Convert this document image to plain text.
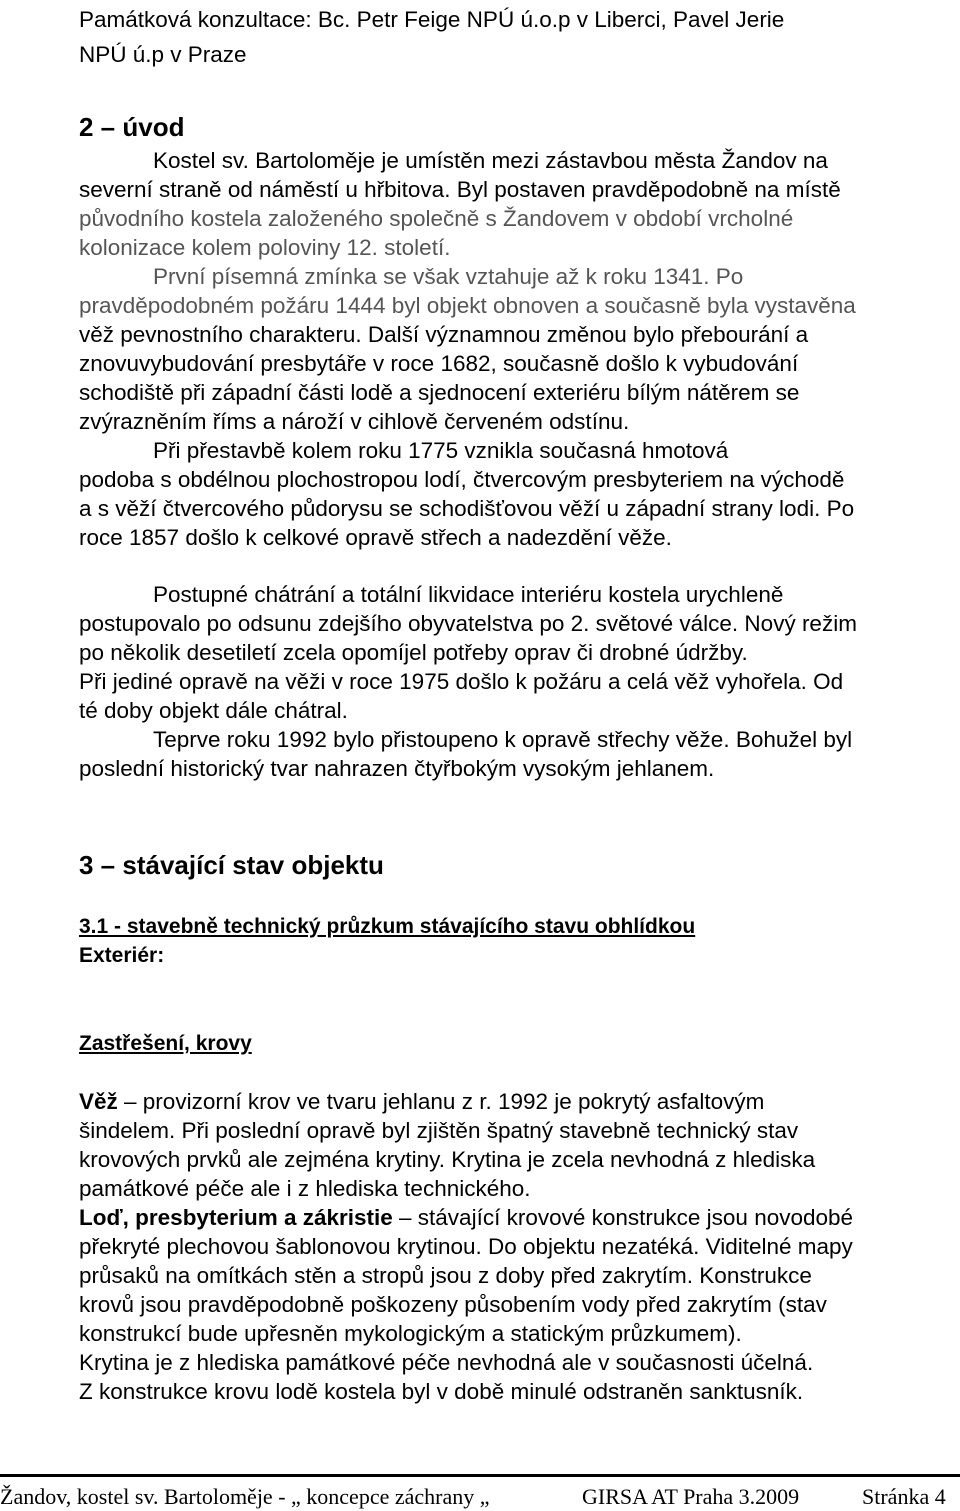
Památková konzultace: Bc. Petr Feige NPÚ ú.o.p v Liberci, Pavel Jerie
NPÚ ú.p v Praze
2 – úvod
Kostel sv. Bartoloměje je umístěn mezi zástavbou města Žandov na
severní straně od náměstí u hřbitova. Byl postaven pravděpodobně na místě
původního kostela založeného společně s Žandovem v období vrcholné
kolonizace kolem poloviny 12. století.
První písemná zmínka se však vztahuje až k roku 1341. Po
pravděpodobném požáru 1444 byl objekt obnoven a současně byla vystavěna
věž pevnostního charakteru. Další významnou změnou bylo přebourání a
znovuvybudování presbytáře v roce 1682, současně došlo k vybudování
schodiště při západní části lodě a sjednocení exteriéru bílým nátěrem se
zvýrazněním říms a nároží v cihlově červeném odstínu.
Při přestavbě kolem roku 1775 vznikla současná hmotová
podoba s obdélnou plochostropou lodí, čtvercovým presbyteriem na východě
a s věží čtvercového půdorysu se schodišťovou věží u západní strany lodi. Po
roce 1857 došlo k celkové opravě střech a nadezdění věže.
Postupné chátrání a totální likvidace interiéru kostela urychleně
postupovalo po odsunu zdejšího obyvatelstva po 2. světové válce. Nový režim
po několik desetiletí zcela opomíjel potřeby oprav či drobné údržby.
Při jediné opravě na věži v roce 1975 došlo k požáru a celá věž vyhořela. Od
té doby objekt dále chátral.
Teprve roku 1992 bylo přistoupeno k opravě střechy věže. Bohužel byl
poslední historický tvar nahrazen čtyřbokým vysokým jehlanem.
3 – stávající stav objektu
3.1 - stavebně technický průzkum stávajícího stavu obhlídkou
Exteriér:
Zastřešení, krovy
Věž – provizorní krov ve tvaru jehlanu z r. 1992 je pokrytý asfaltovým
šindelem. Při poslední opravě byl zjištěn špatný stavebně technický stav
krovových prvků ale zejména krytiny. Krytina je zcela nevhodná z hlediska
památkové péče ale i z hlediska technického.
Loď, presbyterium a zákristie – stávající krovové konstrukce jsou novodobé
překryté plechovou šablonovou krytinou. Do objektu nezatéká. Viditelné mapy
průsaků na omítkách stěn a stropů jsou z doby před zakrytím. Konstrukce
krovů jsou pravděpodobně poškozeny působením vody před zakrytím (stav
konstrukcí bude upřesněn mykologickým a statickým průzkumem).
Krytina je z hlediska památkové péče nevhodná ale v současnosti účelná.
Z konstrukce krovu lodě kostela byl v době minulé odstraněn sanktusník.
Žandov, kostel sv. Bartoloměje - „ koncepce záchrany „	GIRSA AT Praha 3.2009	Stránka 4
